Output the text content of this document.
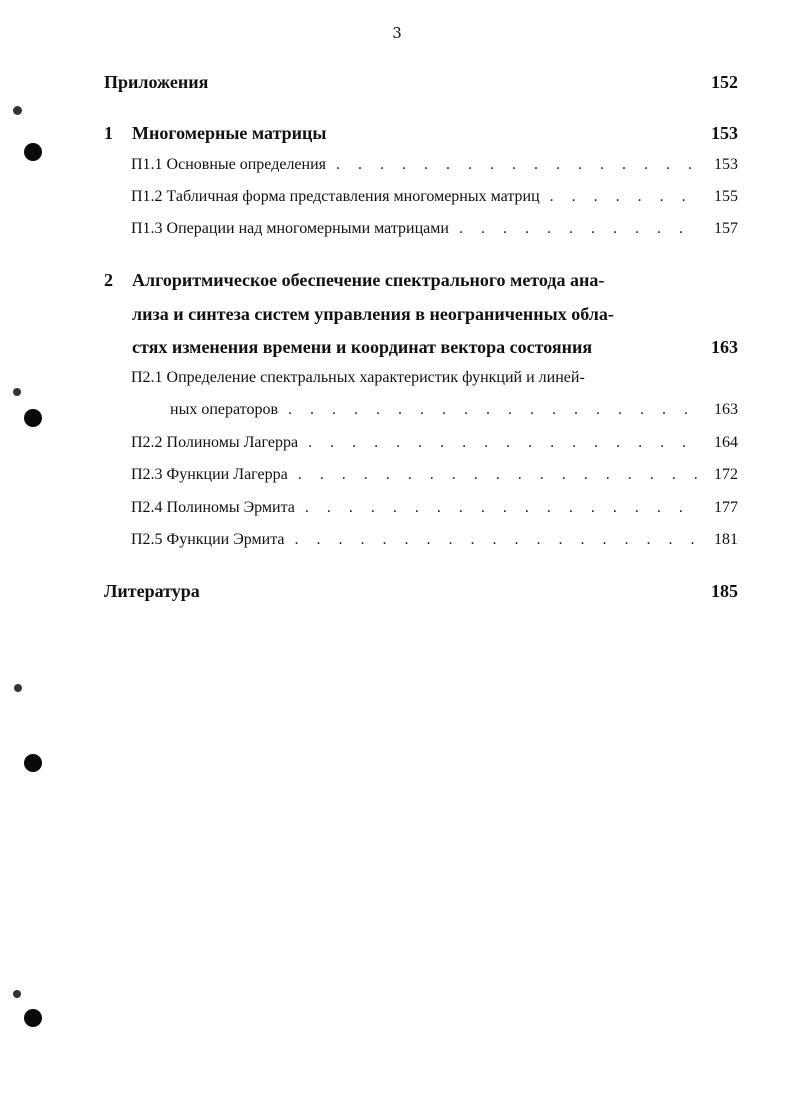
3
Приложения	152
1 Многомерные матрицы	153
П1.1 Основные определения . . .	153
П1.2 Табличная форма представления многомерных матриц . . .	155
П1.3 Операции над многомерными матрицами . . .	157
2 Алгоритмическое обеспечение спектрального метода ана-
лиза и синтеза систем управления в неограниченных обла-
стях изменения времени и координат вектора состояния	163
П2.1 Определение спектральных характеристик функций и линей-
ных операторов . . .	163
П2.2 Полиномы Лагерра . . .	164
П2.3 Функции Лагерра . . .	172
П2.4 Полиномы Эрмита . . .	177
П2.5 Функции Эрмита . . .	181
Литература	185
